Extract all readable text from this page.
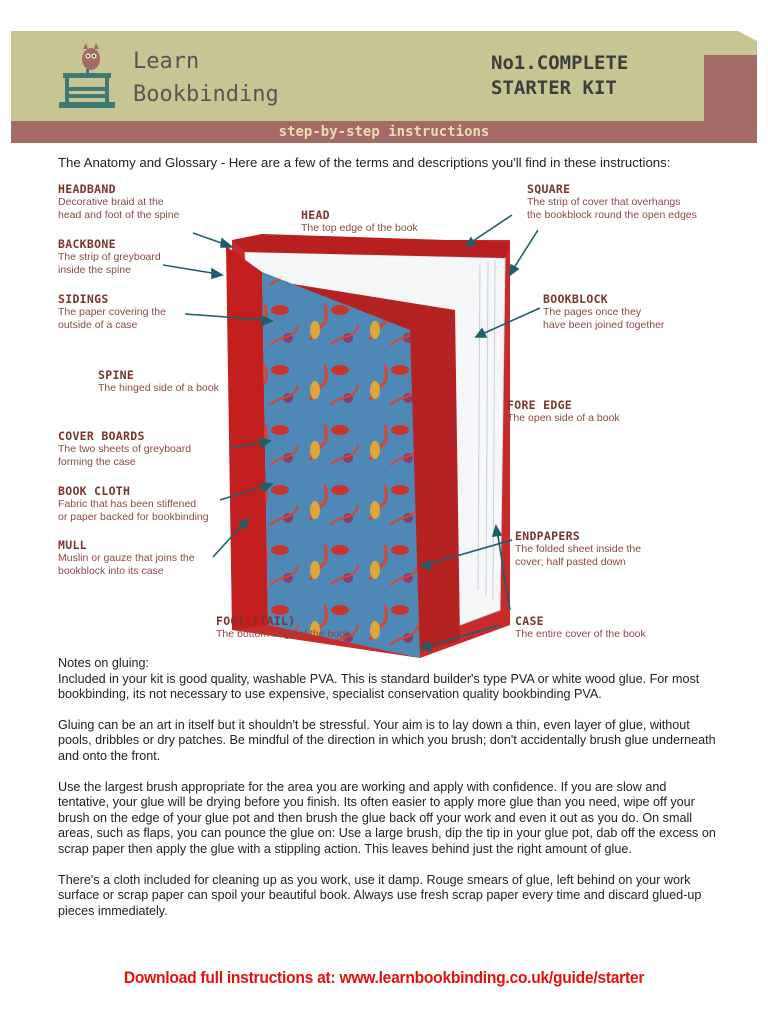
Learn
Bookbinding
No1.COMPLETE
STARTER KIT
step-by-step instructions
The Anatomy and Glossary - Here are a few of the terms and descriptions you'll find in these instructions:
HEADBAND
Decorative braid at the
head and foot of the spine
BACKBONE
The strip of greyboard
inside the spine
SIDINGS
The paper covering the
outside of a case
SPINE
The hinged side of a book
COVER BOARDS
The two sheets of greyboard
forming the case
BOOK CLOTH
Fabric that has been stiffened
or paper backed for bookbinding
MULL
Muslin or gauze that joins the
bookblock into its case
HEAD
The top edge of the book
FOOT (TAIL)
The bottom edge of the book
SQUARE
The strip of cover that overhangs
the bookblock round the open edges
BOOKBLOCK
The pages once they
have been joined together
FORE EDGE
The open side of a book
ENDPAPERS
The folded sheet inside the
cover; half pasted down
CASE
The entire cover of the book
Notes on gluing:

Included in your kit is good quality, washable PVA. This is standard builder's type PVA or white wood glue. For most bookbinding, its not necessary to use expensive, specialist conservation quality bookbinding PVA.

Gluing can be an art in itself but it shouldn't be stressful. Your aim is to lay down a thin, even layer of glue, without pools, dribbles or dry patches. Be mindful of the direction in which you brush; don't accidentally brush glue underneath and onto the front.

Use the largest brush appropriate for the area you are working and apply with confidence. If you are slow and tentative, your glue will be drying before you finish. Its often easier to apply more glue than you need, wipe off your brush on the edge of your glue pot and then brush the glue back off your work and even it out as you do. On small areas, such as flaps, you can pounce the glue on: Use a large brush, dip the tip in your glue pot, dab off the excess on scrap paper then apply the glue with a stippling action. This leaves behind just the right amount of glue.

There's a cloth included for cleaning up as you work, use it damp. Rouge smears of glue, left behind on your work surface or scrap paper can spoil your beautiful book. Always use fresh scrap paper every time and discard glued-up pieces immediately.

Download full instructions at: www.learnbookbinding.co.uk/guide/starter
